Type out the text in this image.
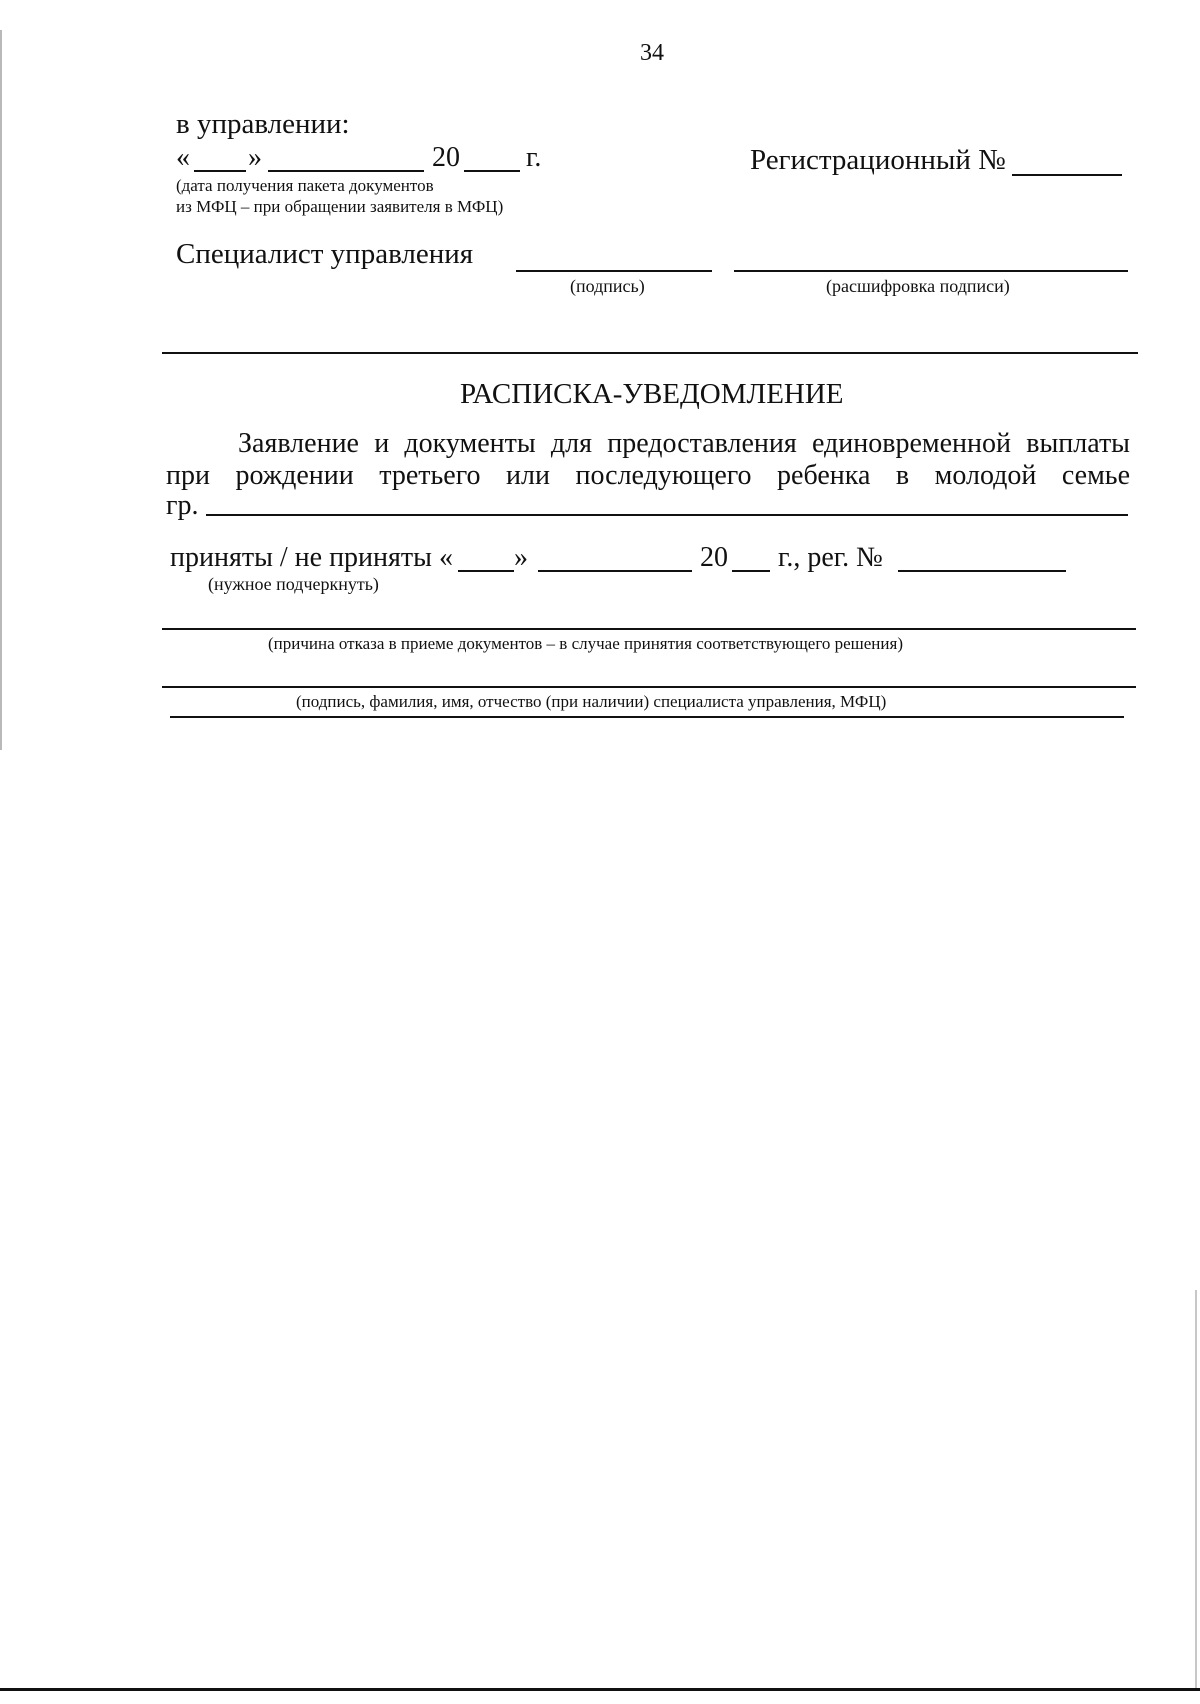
34
в управлении:
« »	20 г.
(дата получения пакета документов
из МФЦ – при обращении заявителя в МФЦ)
Регистрационный №
Специалист управления
(подпись)	(расшифровка подписи)
РАСПИСКА-УВЕДОМЛЕНИЕ
Заявление и документы для предоставления единовременной выплаты
при рождении третьего или последующего ребенка в молодой семье
гр.
приняты / не приняты « »	20 г., рег. №
(нужное подчеркнуть)
(причина отказа в приеме документов – в случае принятия соответствующего решения)
(подпись, фамилия, имя, отчество (при наличии) специалиста управления, МФЦ)
